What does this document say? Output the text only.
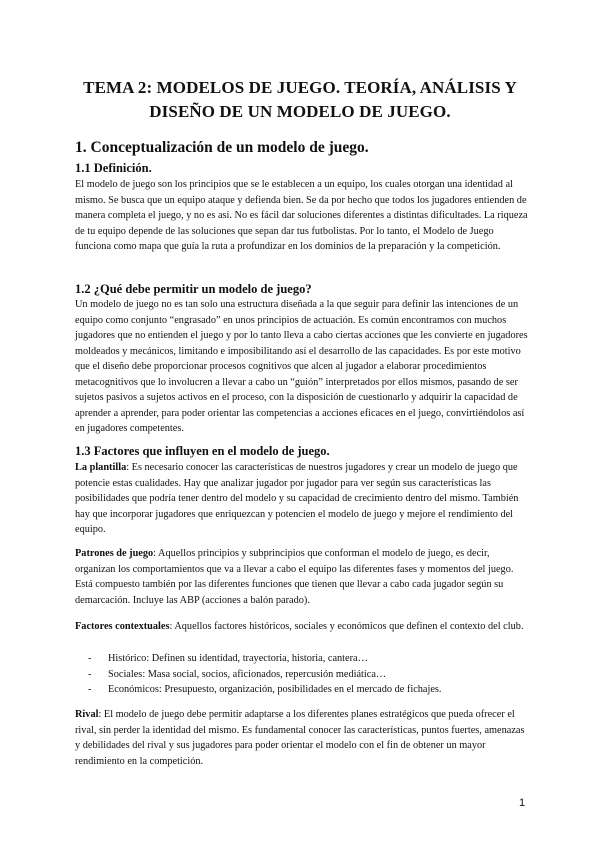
TEMA 2: MODELOS DE JUEGO. TEORÍA, ANÁLISIS Y DISEÑO DE UN MODELO DE JUEGO.
1. Conceptualización de un modelo de juego.
1.1 Definición.
El modelo de juego son los principios que se le establecen a un equipo, los cuales otorgan una identidad al mismo. Se busca que un equipo ataque y defienda bien. Se da por hecho que todos los jugadores entienden de manera completa el juego, y no es así. No es fácil dar soluciones diferentes a distintas dificultades. La riqueza de tu equipo depende de las soluciones que sepan dar tus futbolistas. Por lo tanto, el Modelo de Juego funciona como mapa que guía la ruta a profundizar en los dominios de la preparación y la competición.
1.2 ¿Qué debe permitir un modelo de juego?
Un modelo de juego no es tan solo una estructura diseñada a la que seguir para definir las intenciones de un equipo como conjunto “engrasado” en unos principios de actuación. Es común encontramos con muchos jugadores que no entienden el juego y por lo tanto lleva a cabo ciertas acciones que les convierte en jugadores moldeados y mecánicos, limitando e imposibilitando así el desarrollo de las capacidades. Es por este motivo que el diseño debe proporcionar procesos cognitivos que alcen al jugador a elaborar procedimientos metacognitivos que lo involucren a llevar a cabo un “guión” interpretados por ellos mismos, pasando de ser sujetos pasivos a sujetos activos en el proceso, con la disposición de cuestionarlo y adquirir la capacidad de aprender a aprender, para poder orientar las competencias a acciones eficaces en el juego, convirtiéndolos así en jugadores competentes.
1.3 Factores que influyen en el modelo de juego.
La plantilla: Es necesario conocer las características de nuestros jugadores y crear un modelo de juego que potencie estas cualidades. Hay que analizar jugador por jugador para ver según sus características las posibilidades que podría tener dentro del modelo y su capacidad de crecimiento dentro del mismo. También hay que incorporar jugadores que enriquezcan y potencien el modelo de juego y mejore el rendimiento del equipo.
Patrones de juego: Aquellos principios y subprincipios que conforman el modelo de juego, es decir, organizan los comportamientos que va a llevar a cabo el equipo las diferentes fases y momentos del juego. Está compuesto también por las diferentes funciones que tienen que llevar a cabo cada jugador según su demarcación. Incluye las ABP (acciones a balón parado).
Factores contextuales: Aquellos factores históricos, sociales y económicos que definen el contexto del club.
- Histórico: Definen su identidad, trayectoria, historia, cantera…
- Sociales: Masa social, socios, aficionados, repercusión mediática…
- Económicos: Presupuesto, organización, posibilidades en el mercado de fichajes.
Rival: El modelo de juego debe permitir adaptarse a los diferentes planes estratégicos que pueda ofrecer el rival, sin perder la identidad del mismo. Es fundamental conocer las características, puntos fuertes, amenazas y debilidades del rival y sus jugadores para poder orientar el modelo con el fin de obtener un mayor rendimiento en la competición.
1
